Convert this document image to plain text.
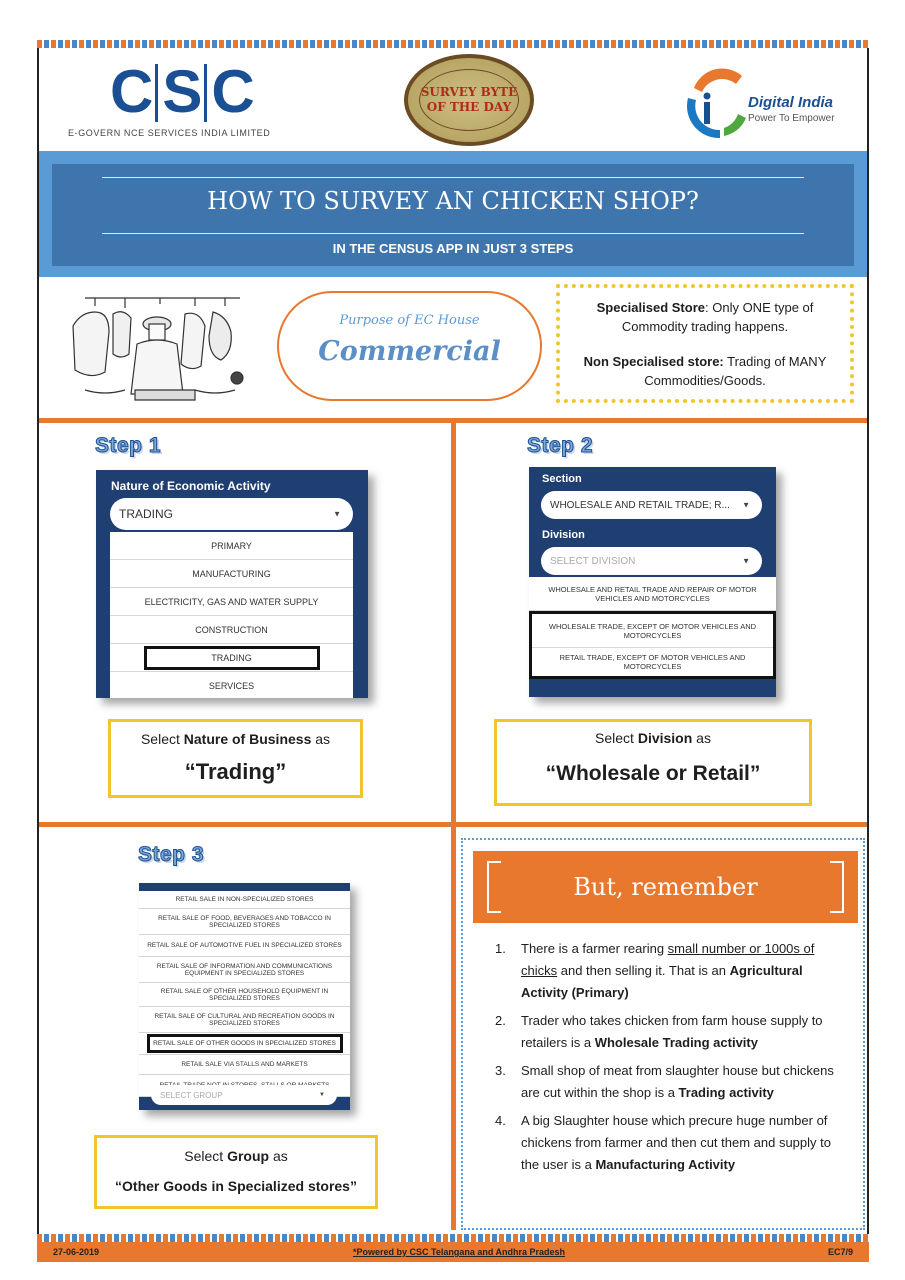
C S C
E-GOVERN NCE SERVICES INDIA LIMITED
SURVEY BYTE
OF THE DAY	Digital India
Power To Empower
HOW TO SURVEY AN CHICKEN SHOP?
IN THE CENSUS APP IN JUST 3 STEPS
Purpose of EC House
Commercial

Specialised Store: Only ONE type of Commodity trading happens.

Non Specialised store: Trading of MANY Commodities/Goods.

Step 1
Nature of Economic Activity
TRADING	▼
PRIMARY
MANUFACTURING
ELECTRICITY, GAS AND WATER SUPPLY
CONSTRUCTION
TRADING
SERVICES
Select Nature of Business as
“Trading”
Step 2
Section
WHOLESALE AND RETAIL TRADE; R... ▼
Division
SELECT DIVISION	▼
WHOLESALE AND RETAIL TRADE AND REPAIR OF MOTOR VEHICLES AND MOTORCYCLES
WHOLESALE TRADE, EXCEPT OF MOTOR VEHICLES AND MOTORCYCLES
RETAIL TRADE, EXCEPT OF MOTOR VEHICLES AND MOTORCYCLES
Select Division as
“Wholesale or Retail”
Step 3
RETAIL SALE IN NON-SPECIALIZED STORES
RETAIL SALE OF FOOD, BEVERAGES AND TOBACCO IN SPECIALIZED STORES
RETAIL SALE OF AUTOMOTIVE FUEL IN SPECIALIZED STORES
RETAIL SALE OF INFORMATION AND COMMUNICATIONS EQUIPMENT IN SPECIALIZED STORES
RETAIL SALE OF OTHER HOUSEHOLD EQUIPMENT IN SPECIALIZED STORES
RETAIL SALE OF CULTURAL AND RECREATION GOODS IN SPECIALIZED STORES
RETAIL SALE OF OTHER GOODS IN SPECIALIZED STORES
RETAIL SALE VIA STALLS AND MARKETS
SELECT GROUP	▼
Select Group as
“Other Goods in Specialized stores”
But, remember
1.	There is a farmer rearing small number or 1000s of chicks and then selling it. That is an Agricultural Activity (Primary)
2.	Trader who takes chicken from farm house supply to retailers is a Wholesale Trading activity
3.	Small shop of meat from slaughter house but chickens are cut within the shop is a Trading activity
4.	A big Slaughter house which precure huge number of chickens from farmer and then cut them and supply to the user is a Manufacturing Activity
27-06-2019	*Powered by CSC Telangana and Andhra Pradesh	EC7/9
